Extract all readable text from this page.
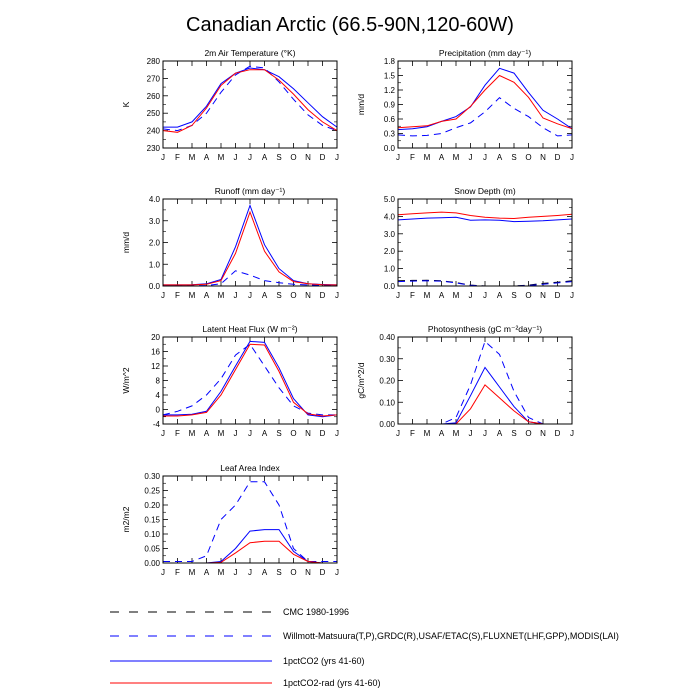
Canadian Arctic (66.5-90N,120-60W)
2m Air Temperature (°K)
K
230
240
250
260
270
280
J F M A M J J A S O N D J
Precipitation (mm day⁻¹)
mm/d
0.0
0.3
0.6
0.9
1.2
1.5
1.8
J F M A M J J A S O N D J
Runoff (mm day⁻¹)
mm/d
0.0
1.0
2.0
3.0
4.0
J F M A M J J A S O N D J
Snow Depth (m)
0.0
1.0
2.0
3.0
4.0
5.0
J F M A M J J A S O N D J
Latent Heat Flux (W m⁻²)
W/m^2
-4
0
4
8
12
16
20
J F M A M J J A S O N D J
Photosynthesis (gC m⁻²day⁻¹)
gC/m^2/d
0.00
0.10
0.20
0.30
0.40
J F M A M J J A S O N D J
Leaf Area Index
m2/m2
0.00
0.05
0.10
0.15
0.20
0.25
0.30
J F M A M J J A S O N D J
CMC 1980-1996
Willmott-Matsuura(T,P),GRDC(R),USAF/ETAC(S),FLUXNET(LHF,GPP),MODIS(LAI)
1pctCO2 (yrs 41-60)
1pctCO2-rad (yrs 41-60)
